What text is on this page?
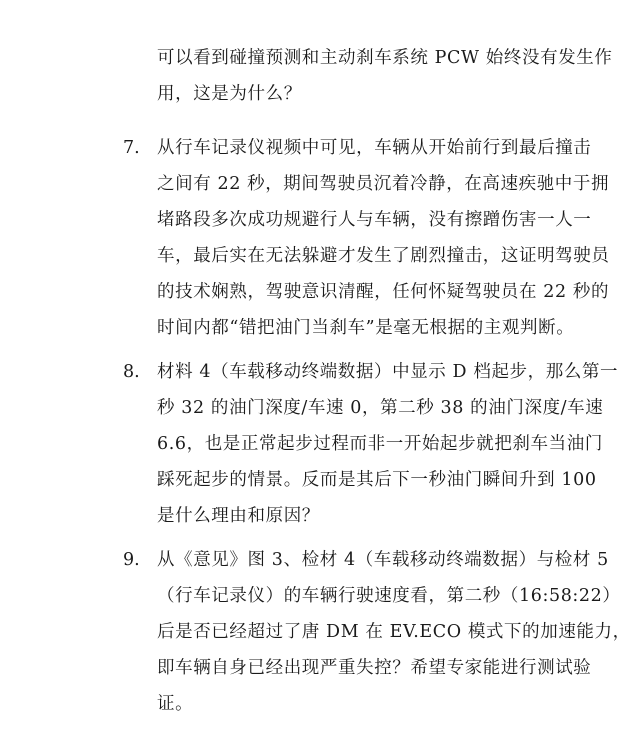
可以看到碰撞预测和主动刹车系统 PCW 始终没有发生作
用，这是为什么？
7. 从行车记录仪视频中可见，车辆从开始前行到最后撞击
之间有 22 秒，期间驾驶员沉着冷静，在高速疾驰中于拥
堵路段多次成功规避行人与车辆，没有擦蹭伤害一人一
车，最后实在无法躲避才发生了剧烈撞击，这证明驾驶员
的技术娴熟，驾驶意识清醒，任何怀疑驾驶员在 22 秒的
时间内都“错把油门当刹车”是毫无根据的主观判断。
8. 材料 4（车载移动终端数据）中显示 D 档起步，那么第一
秒 32 的油门深度/车速 0，第二秒 38 的油门深度/车速
6.6，也是正常起步过程而非一开始起步就把刹车当油门
踩死起步的情景。反而是其后下一秒油门瞬间升到 100
是什么理由和原因？
9. 从《意见》图 3、检材 4（车载移动终端数据）与检材 5
（行车记录仪）的车辆行驶速度看，第二秒（16:58:22）
后是否已经超过了唐 DM 在 EV.ECO 模式下的加速能力，
即车辆自身已经出现严重失控？希望专家能进行测试验
证。
